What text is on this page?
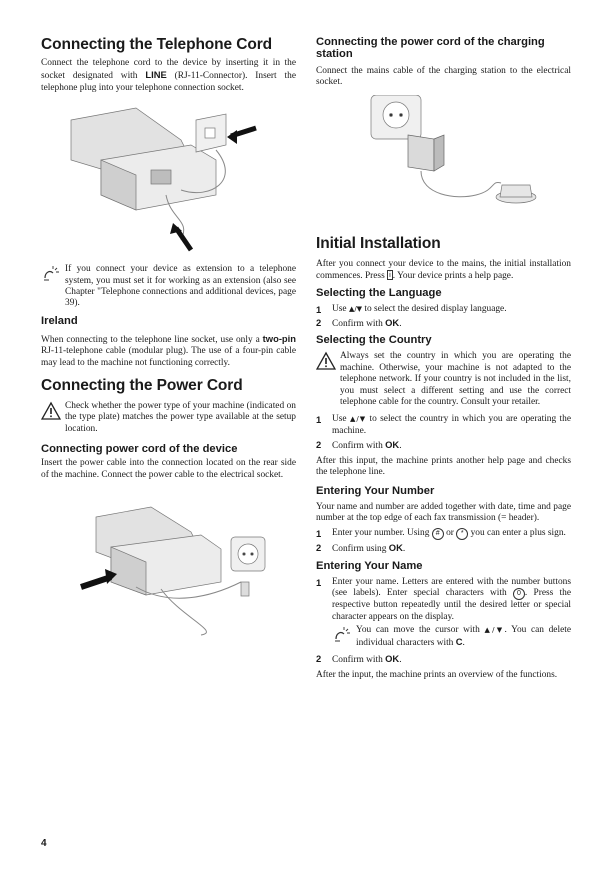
Connecting the Telephone Cord

Connect the telephone cord to the device by inserting it in the socket designated with LINE (RJ-11-Connector). Insert the telephone plug into your telephone connection socket.

If you connect your device as extension to a telephone system, you must set it for working as an extension (also see Chapter "Telephone connections and additional devices, page 39).
Ireland

When connecting to the telephone line socket, use only a two-pin RJ-11-telephone cable (modular plug). The use of a four-pin cable may lead to the machine not functioning correctly.

Connecting the Power Cord
Check whether the power type of your machine (indicated on the type plate) matches the power type available at the setup location.
Connecting power cord of the device

Insert the power cable into the connection located on the rear side of the machine. Connect the power cable to the electrical socket.

Connecting the power cord of the charging station

Connect the mains cable of the charging station to the electrical socket.

Initial Installation

After you connect your device to the mains, the initial installation commences. Press i . Your device prints a help page.

Selecting the Language
1 Use ▲/▼ to select the desired display language.
2 Confirm with OK.
Selecting the Country
Always set the country in which you are operating the machine. Otherwise, your machine is not adapted to the telephone network. If your country is not included in the list, you must select a different setting and use the correct telephone cable for the country. Consult your retailer.
1 Use ▲/▼ to select the country in which you are operating the machine.
2 Confirm with OK.

After this input, the machine prints another help page and checks the telephone line.

Entering Your Number

Your name and number are added together with date, time and page number at the top edge of each fax transmission (= header).

1 Enter your number. Using # or * you can enter a plus sign.
2 Confirm using OK.
Entering Your Name
1 Enter your name. Letters are entered with the number buttons (see labels). Enter special characters with 0 . Press the respective button repeatedly until the desired letter or special character appears on the display.
You can move the cursor with ▲/▼. You can delete individual characters with C.
2 Confirm with OK.

After the input, the machine prints an overview of the functions.

4
